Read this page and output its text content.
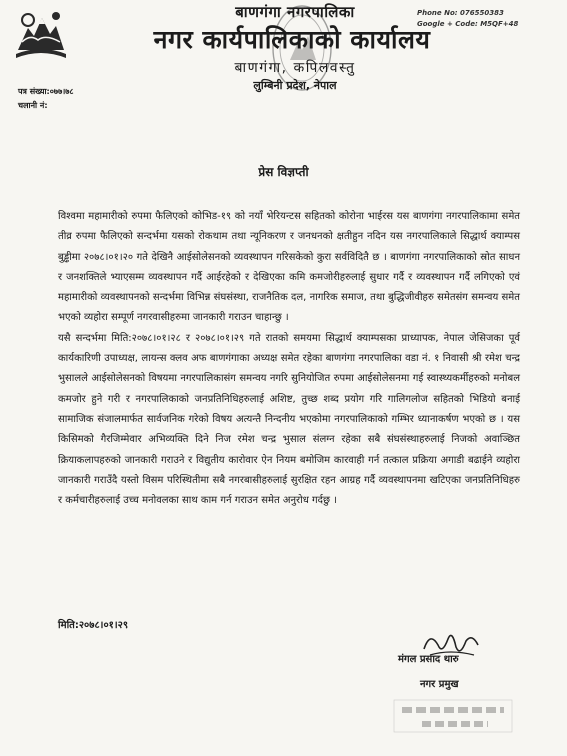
Phone No: 076550383
Google + Code: M5QF+48
बाणगंगा नगरपालिका
नगर कार्यपालिकाको कार्यालय
बाणगंगा, कपिलवस्तु
लुम्बिनी प्रदेश, नेपाल
पत्र संख्या:०७७।७८
चलानी नं:
प्रेस विज्ञप्ती

विश्वमा महामारीको रुपमा फैलिएको कोभिड-१९ को नयाँ भेरियन्टस सहितको कोरोना भाईरस यस बाणगंगा नगरपालिकामा समेत तीव्र रुपमा फैलिएको सन्दर्भमा यसको रोकथाम तथा न्यूनिकरण र जनधनको क्षतीहुन नदिन यस नगरपालिकाले सिद्धार्थ क्याम्पस बुड्ढीमा २०७८।०१।२० गते देखिनै आईसोलेसनको व्यवस्थापन गरिसकेको कुरा सर्वविदितै छ । बाणगंगा नगरपालिकाको स्रोत साधन र जनशक्तिले भ्याएसम्म व्यवस्थापन गर्दै आईरहेको र देखिएका कमि कमजोरीहरुलाई सुधार गर्दै र व्यवस्थापन गर्दै लगिएको एवं महामारीको व्यवस्थापनको सन्दर्भमा विभिन्न संघसंस्था, राजनैतिक दल, नागरिक समाज, तथा बुद्धिजीवीहरु समेतसंग समन्वय समेत भएको व्यहोरा सम्पूर्ण नगरवासीहरुमा जानकारी गराउन चाहान्छु ।

यसै सन्दर्भमा मिति:२०७८।०१।२८ र २०७८।०१।२९ गते रातको समयमा सिद्धार्थ क्याम्पसका प्राध्यापक, नेपाल जेसिजका पूर्व कार्यकारिणी उपाध्यक्ष, लायन्स क्लव अफ बाणगंगाका अध्यक्ष समेत रहेका बाणगंगा नगरपालिका वडा नं. १ निवासी श्री रमेश चन्द्र भुसालले आईसोलेसनको विषयमा नगरपालिकासंग समन्वय नगरि सुनियोजित रुपमा आईसोलेसनमा गई स्वास्थ्यकर्मीहरुको मनोबल कमजोर हुने गरी र नगरपालिकाको जनप्रतिनिधिहरुलाई अशिष्ट, तुच्छ शब्द प्रयोग गरि गालिगलोज सहितको भिडियो बनाई सामाजिक संजालमार्फत सार्वजनिक गरेको विषय अत्यन्तै निन्दनीय भएकोमा नगरपालिकाको गम्भिर ध्यानाकर्षण भएको छ । यस किसिमको गैरजिम्मेवार अभिव्यक्ति दिने निज रमेश चन्द्र भुसाल संलग्न रहेका सबै संघसंस्थाहरुलाई निजको अवाञ्छित क्रियाकलापहरुको जानकारी गराउने र विद्युतीय कारोवार ऐन नियम बमोजिम कारवाही गर्न तत्काल प्रक्रिया अगाडी बढाईने व्यहोरा जानकारी गराउँदै यस्तो विसम परिस्थितीमा सबै नगरबासीहरुलाई सुरक्षित रहन आग्रह गर्दै व्यवस्थापनमा खटिएका जनप्रतिनिधिहरु र कर्मचारीहरुलाई उच्च मनोवलका साथ काम गर्न गराउन समेत अनुरोध गर्दछु ।

मिति:२०७८।०१।२९
मंगल प्रसाद थारु
नगर प्रमुख
